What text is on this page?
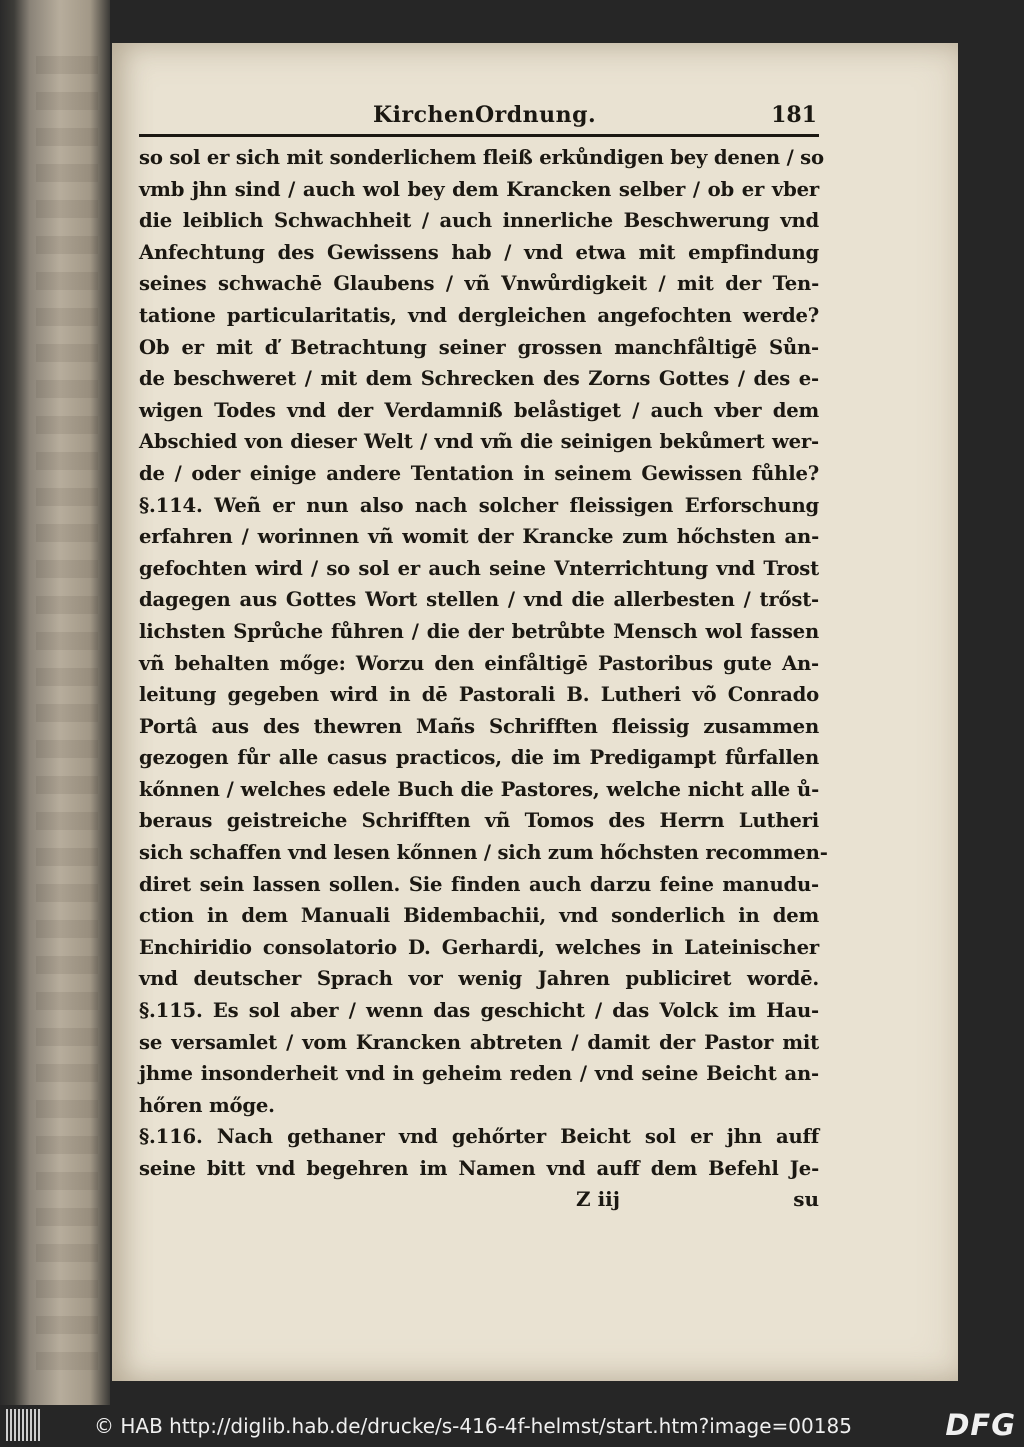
KirchenOrdnung.	181
so sol er sich mit sonderlichem fleiß erkůndigen bey denen / so
vmb jhn sind / auch wol bey dem Krancken selber / ob er vber
die leiblich Schwachheit / auch innerliche Beschwerung vnd
Anfechtung des Gewissens hab / vnd etwa mit empfindung
seines schwachē Glaubens / vñ Vnwůrdigkeit / mit der Ten-
tatione particularitatis, vnd dergleichen angefochten werde?
Ob er mit ď Betrachtung seiner grossen manchfåltigē Sůn-
de beschweret / mit dem Schrecken des Zorns Gottes / des e-
wigen Todes vnd der Verdamniß belåstiget / auch vber dem
Abschied von dieser Welt / vnd vm̃ die seinigen bekůmert wer-
de / oder einige andere Tentation in seinem Gewissen fůhle?
§.114. Weñ er nun also nach solcher fleissigen Erforschung
erfahren / worinnen vñ womit der Krancke zum hőchsten an-
gefochten wird / so sol er auch seine Vnterrichtung vnd Trost
dagegen aus Gottes Wort stellen / vnd die allerbesten / trőst-
lichsten Sprůche fůhren / die der betrůbte Mensch wol fassen
vñ behalten mőge: Worzu den einfåltigē Pastoribus gute An-
leitung gegeben wird in dē Pastorali B. Lutheri võ Conrado
Portâ aus des thewren Mañs Schrifften fleissig zusammen
gezogen fůr alle casus practicos, die im Predigampt fůrfallen
kőnnen / welches edele Buch die Pastores, welche nicht alle ů-
beraus geistreiche Schrifften vñ Tomos des Herrn Lutheri
sich schaffen vnd lesen kőnnen / sich zum hőchsten recommen-
diret sein lassen sollen. Sie finden auch darzu feine manudu-
ction in dem Manuali Bidembachii, vnd sonderlich in dem
Enchiridio consolatorio D. Gerhardi, welches in Lateinischer
vnd deutscher Sprach vor wenig Jahren publiciret wordē.
§.115. Es sol aber / wenn das geschicht / das Volck im Hau-
se versamlet / vom Krancken abtreten / damit der Pastor mit
jhme insonderheit vnd in geheim reden / vnd seine Beicht an-
hőren mőge.
§.116. Nach gethaner vnd gehőrter Beicht sol er jhn auff
seine bitt vnd begehren im Namen vnd auff dem Befehl Je-
Z iij	su
© HAB http://diglib.hab.de/drucke/s-416-4f-helmst/start.htm?image=00185	DFG
